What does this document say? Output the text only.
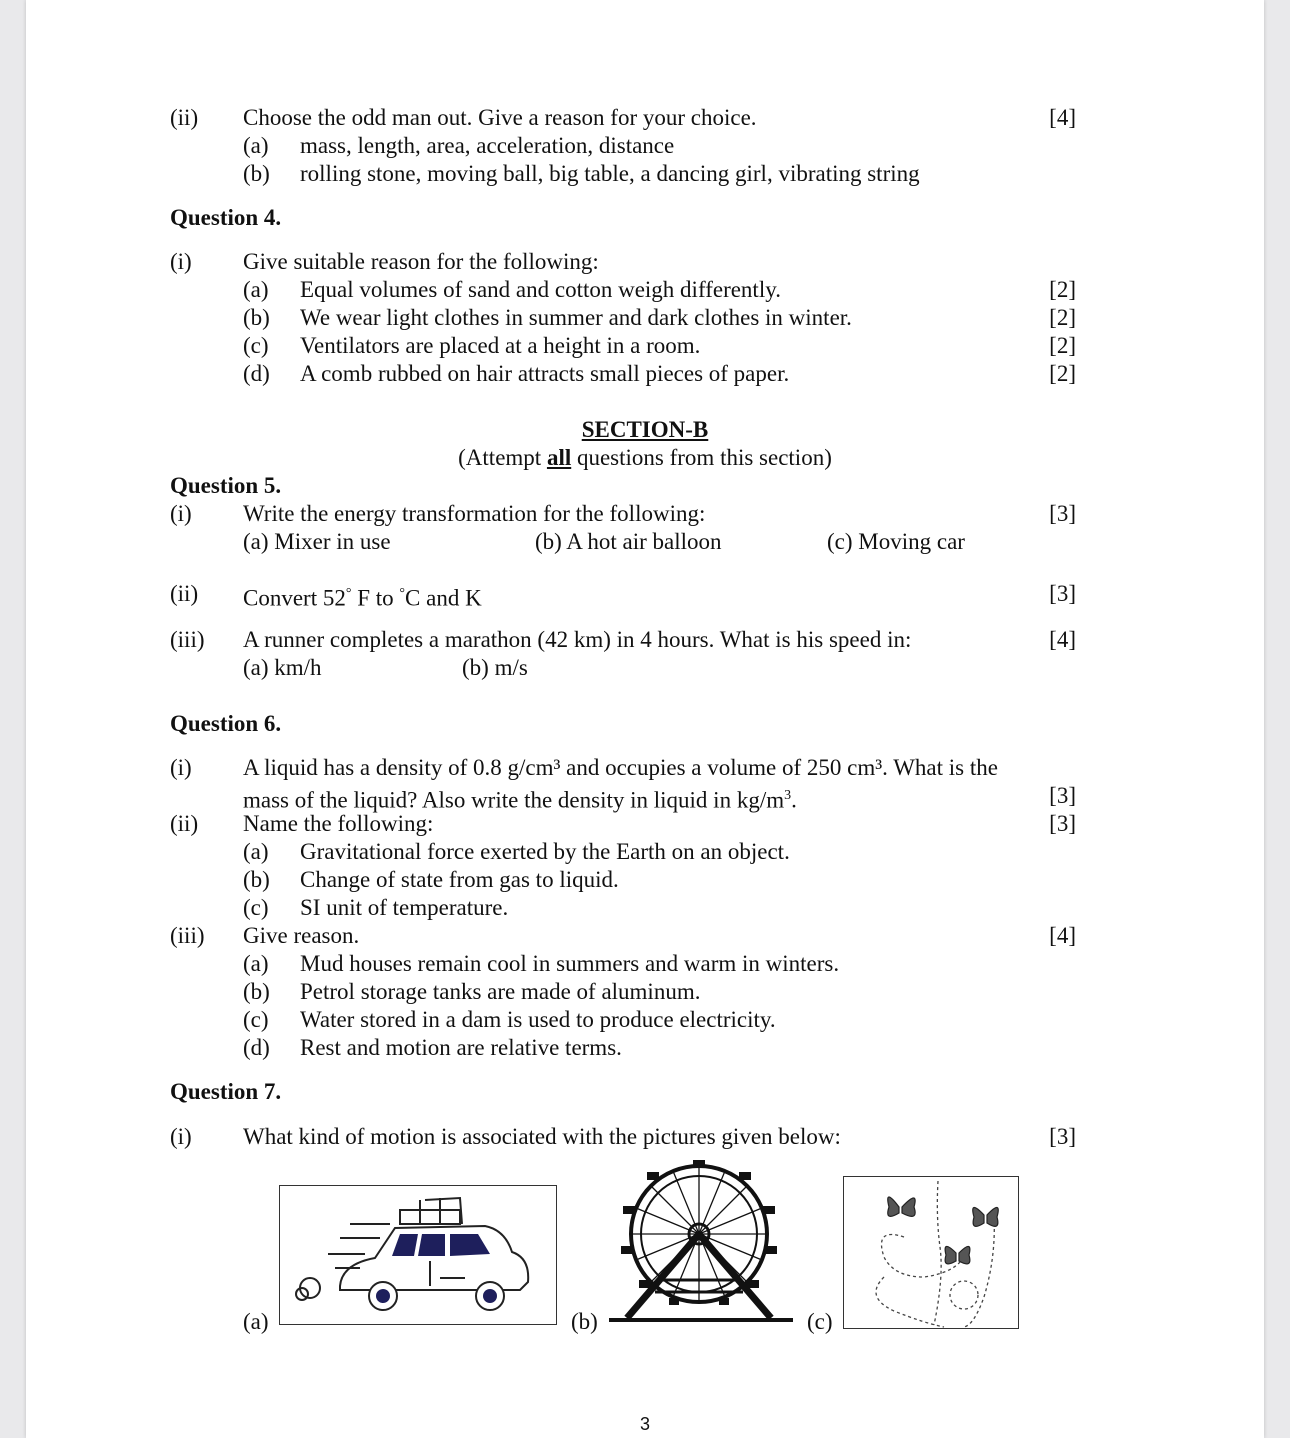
(ii) Choose the odd man out. Give a reason for your choice.	[4]
(a) mass, length, area, acceleration, distance
(b) rolling stone, moving ball, big table, a dancing girl, vibrating string
Question 4.
(i) Give suitable reason for the following:
(a) Equal volumes of sand and cotton weigh differently.	[2]
(b) We wear light clothes in summer and dark clothes in winter.	[2]
(c) Ventilators are placed at a height in a room.	[2]
(d) A comb rubbed on hair attracts small pieces of paper.	[2]
SECTION-B
(Attempt all questions from this section)
Question 5.
(i) Write the energy transformation for the following:	[3]
(a) Mixer in use	(b) A hot air balloon	(c) Moving car
(ii) Convert 52° F to °C and K	[3]
(iii) A runner completes a marathon (42 km) in 4 hours. What is his speed in:	[4]
(a) km/h	(b) m/s
Question 6.
(i) A liquid has a density of 0.8 g/cm³ and occupies a volume of 250 cm³. What is the
mass of the liquid? Also write the density in liquid in $kg/m^3$.	[3]
(ii) Name the following:	[3]
(a) Gravitational force exerted by the Earth on an object.
(b) Change of state from gas to liquid.
(c) SI unit of temperature.
(iii) Give reason.	[4]
(a) Mud houses remain cool in summers and warm in winters.
(b) Petrol storage tanks are made of aluminum.
(c) Water stored in a dam is used to produce electricity.
(d) Rest and motion are relative terms.
Question 7.
(i) What kind of motion is associated with the pictures given below:	[3]
(a)	(b)	(c)
3
